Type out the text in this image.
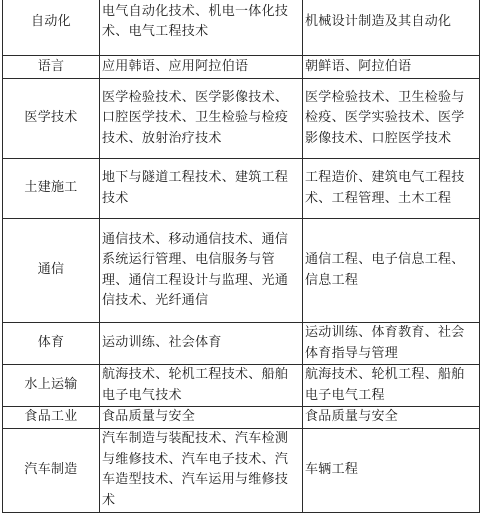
自动化	电气自动化技术、机电一体化技术、电气工程技术	机械设计制造及其自动化
语言	应用韩语、应用阿拉伯语	朝鲜语、阿拉伯语
医学技术	医学检验技术、医学影像技术、口腔医学技术、卫生检验与检疫技术、放射治疗技术	医学检验技术、卫生检验与检疫、医学实验技术、医学影像技术、口腔医学技术
土建施工	地下与隧道工程技术、建筑工程技术	工程造价、建筑电气工程技术、工程管理、土木工程
通信	通信技术、移动通信技术、通信系统运行管理、电信服务与管理、通信工程设计与监理、光通信技术、光纤通信	通信工程、电子信息工程、信息工程
体育	运动训练、社会体育	运动训练、体育教育、社会体育指导与管理
水上运输	航海技术、轮机工程技术、船舶电子电气技术	航海技术、轮机工程、船舶电子电气工程
食品工业	食品质量与安全	食品质量与安全
汽车制造	汽车制造与装配技术、汽车检测与维修技术、汽车电子技术、汽车造型技术、汽车运用与维修技术	车辆工程
